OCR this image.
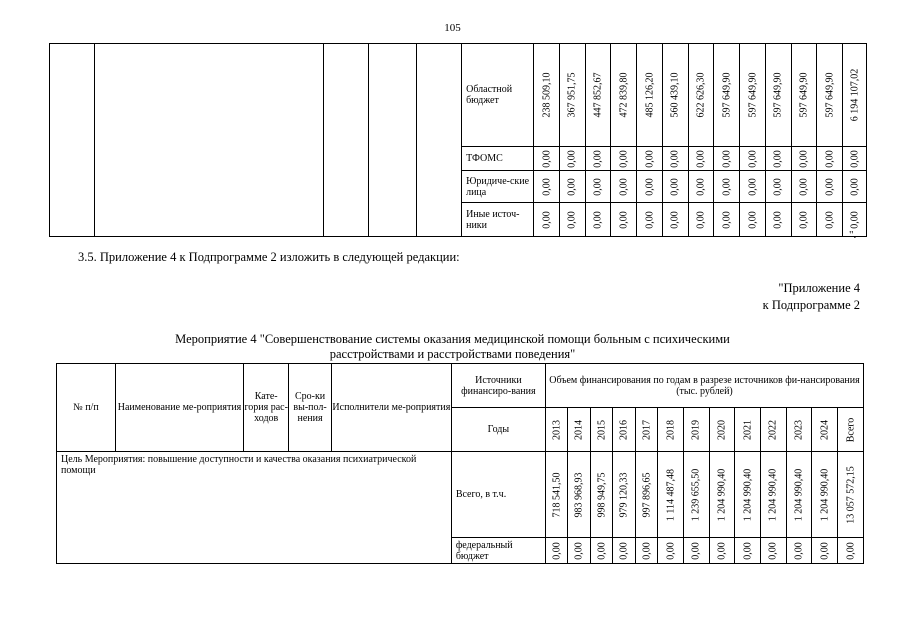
105
					Областной бюджет	238 509,10	367 951,75	447 852,67	472 839,80	485 126,20	560 439,10	622 626,30	597 649,90	597 649,90	597 649,90	597 649,90	597 649,90	6 194 107,02

					ТФОМС	0,00	0,00	0,00	0,00	0,00	0,00	0,00	0,00	0,00	0,00	0,00	0,00	0,00

					Юридиче-ские лица	0,00	0,00	0,00	0,00	0,00	0,00	0,00	0,00	0,00	0,00	0,00	0,00	0,00

					Иные источ-ники	0,00	0,00	0,00	0,00	0,00	0,00	0,00	0,00	0,00	0,00	0,00	0,00	0,00
".
3.5. Приложение 4 к Подпрограмме 2 изложить в следующей редакции:
"Приложение 4
к Подпрограмме 2
Мероприятие 4 "Совершенствование системы оказания медицинской помощи больным с психическими
расстройствами и расстройствами поведения"
№ п/п	Наименование ме-роприятия	Кате-гория рас-ходов	Сро-ки вы-пол-нения	Исполнители ме-роприятия	Источники финансиро-вания	Объем финансирования по годам в разрезе источников фи-нансирования (тыс. рублей)												
					Годы	2013	2014	2015	2016	2017	2018	2019	2020	2021	2022	2023	2024	Всего

Цель Мероприятия: повышение доступности и качества оказания психиатрической помощи					Всего, в т.ч.	718 541,50	983 968,93	998 949,75	979 120,33	997 896,65	1 114 487,48	1 239 655,50	1 204 990,40	1 204 990,40	1 204 990,40	1 204 990,40	1 204 990,40	13 057 572,15

					федеральный бюджет	0,00	0,00	0,00	0,00	0,00	0,00	0,00	0,00	0,00	0,00	0,00	0,00	0,00
